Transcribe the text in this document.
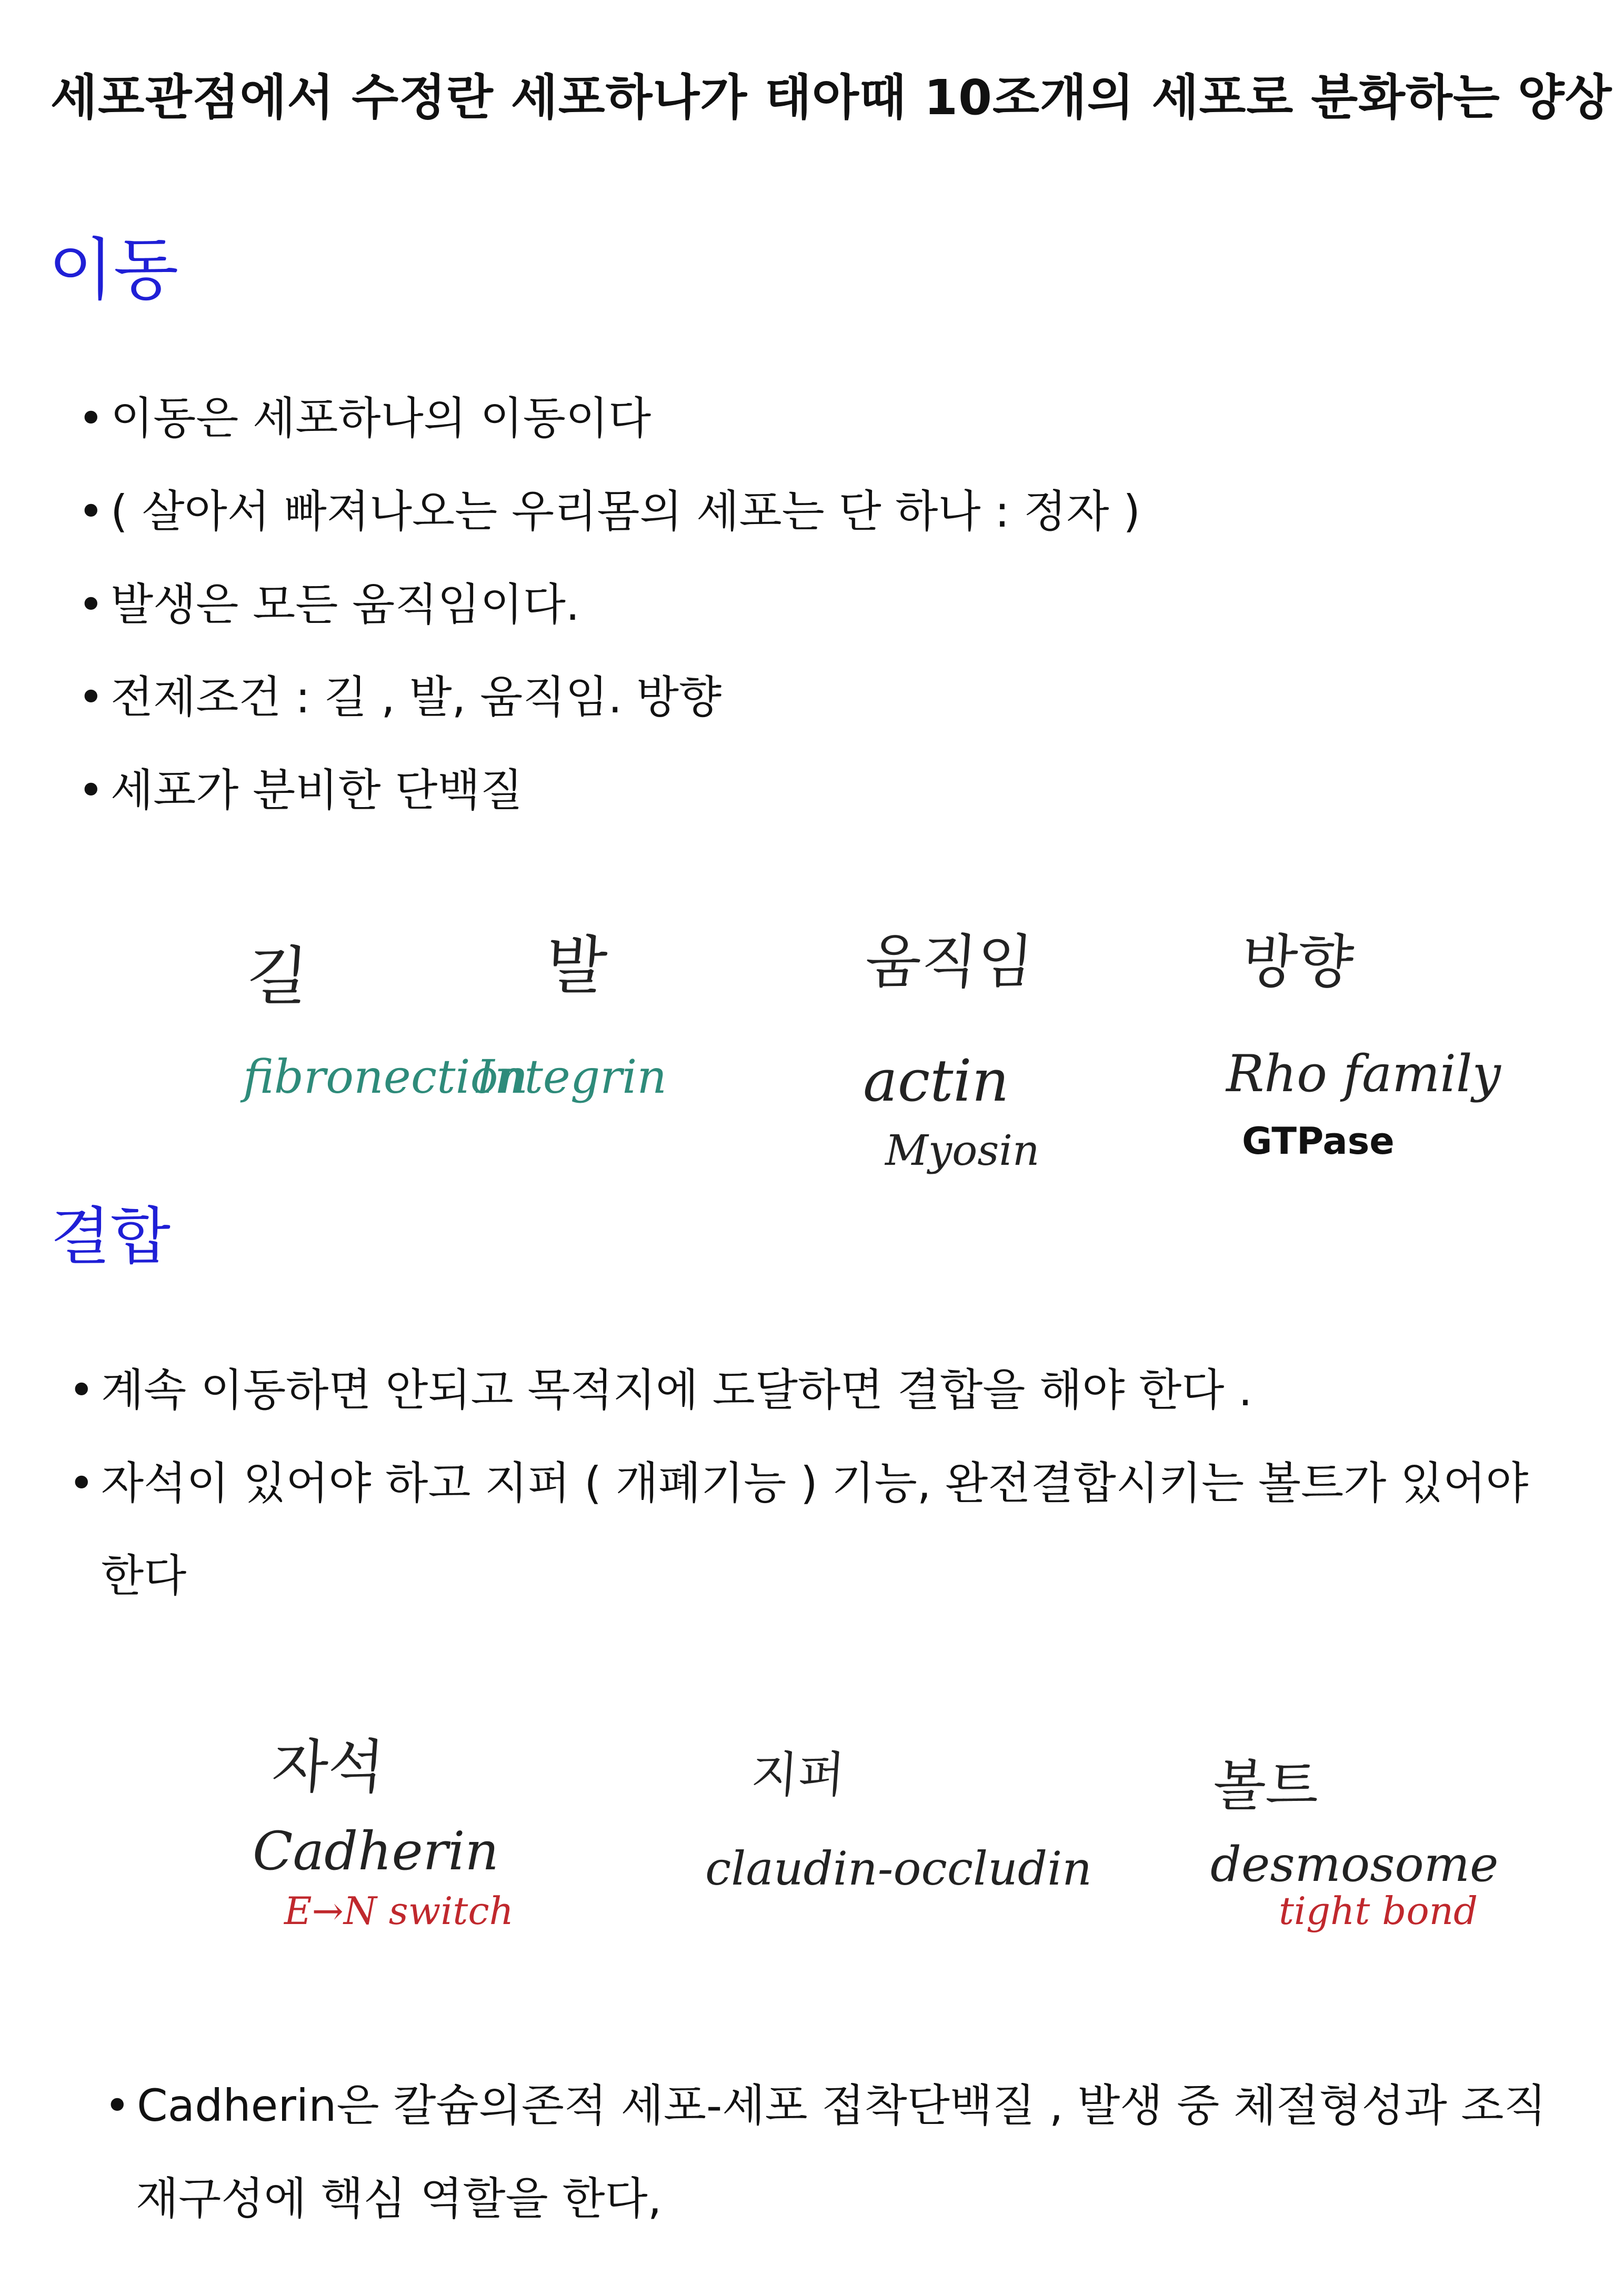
세포관점에서 수정란 세포하나가 태아때 10조개의 세포로 분화하는 양상
이동
• 이동은 세포하나의 이동이다
• ( 살아서 빠져나오는 우리몸의 세포는 단 하나 : 정자 )
• 발생은 모든 움직임이다.
• 전제조건 : 길 , 발, 움직임. 방향
• 세포가 분비한 단백질
길
fibronection
발
Integrin
움직임
actin
Myosin
방향
Rho family
GTPase
결합
• 계속 이동하면 안되고 목적지에 도달하면 결합을 해야 한다 .
• 자석이 있어야 하고 지퍼 ( 개폐기능 ) 기능, 완전결합시키는 볼트가 있어야
한다
자석
Cadherin
E→N switch
지퍼
claudin-occludin
볼트
desmosome
tight bond
• Cadherin은 칼슘의존적 세포-세포 접착단백질 , 발생 중 체절형성과 조직
재구성에 핵심 역할을 한다,
